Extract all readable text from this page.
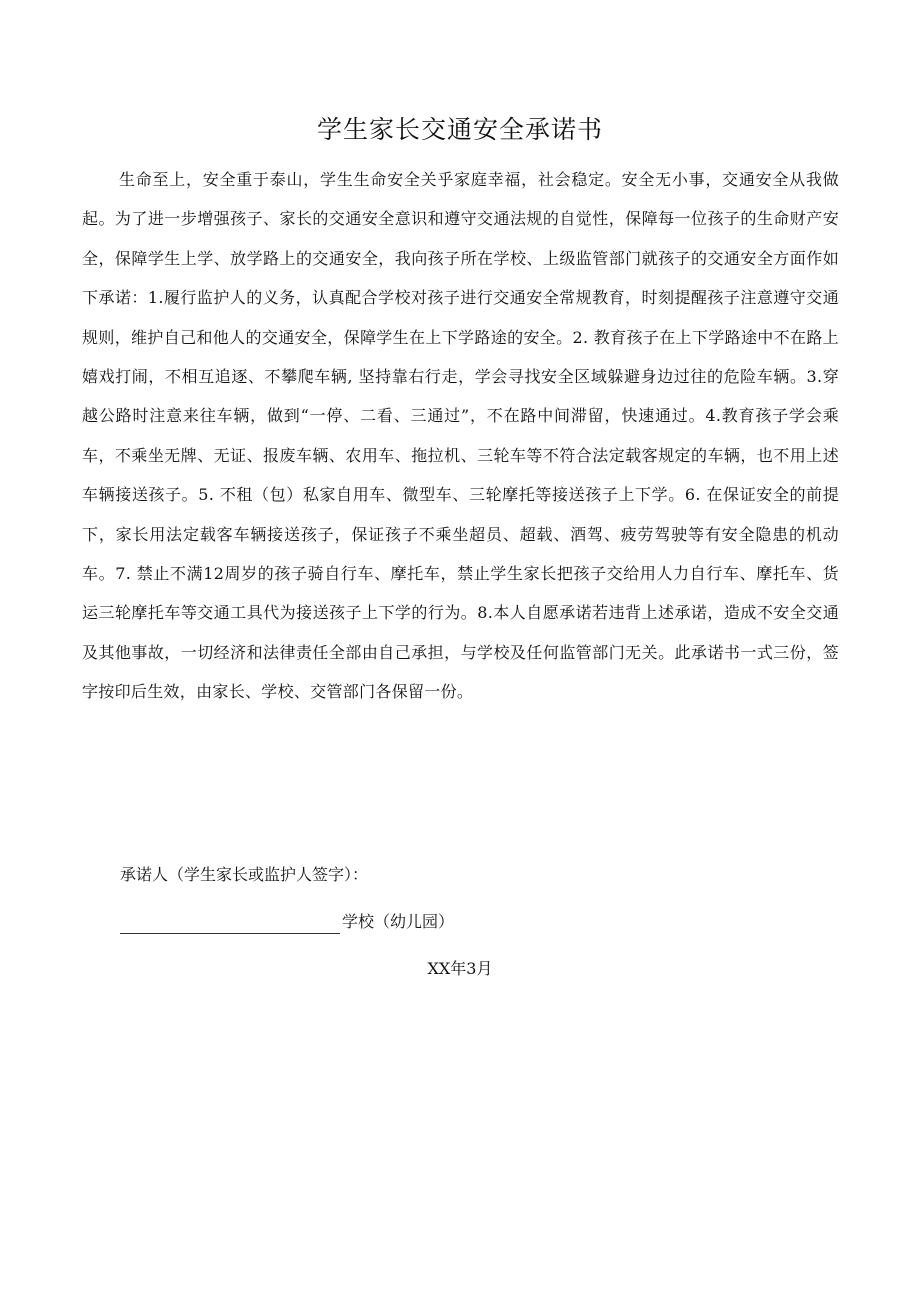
学生家长交通安全承诺书

生命至上，安全重于泰山，学生生命安全关乎家庭幸福，社会稳定。安全无小事，交通安全从我做起。为了进一步增强孩子、家长的交通安全意识和遵守交通法规的自觉性，保障每一位孩子的生命财产安全，保障学生上学、放学路上的交通安全，我向孩子所在学校、上级监管部门就孩子的交通安全方面作如下承诺：1.履行监护人的义务，认真配合学校对孩子进行交通安全常规教育，时刻提醒孩子注意遵守交通规则，维护自己和他人的交通安全，保障学生在上下学路途的安全。2. 教育孩子在上下学路途中不在路上嬉戏打闹，不相互追逐、不攀爬车辆, 坚持靠右行走，学会寻找安全区域躲避身边过往的危险车辆。3.穿越公路时注意来往车辆，做到“一停、二看、三通过”，不在路中间滞留，快速通过。4.教育孩子学会乘车，不乘坐无牌、无证、报废车辆、农用车、拖拉机、三轮车等不符合法定载客规定的车辆，也不用上述车辆接送孩子。5. 不租（包）私家自用车、微型车、三轮摩托等接送孩子上下学。6. 在保证安全的前提下，家长用法定载客车辆接送孩子，保证孩子不乘坐超员、超载、酒驾、疲劳驾驶等有安全隐患的机动车。7. 禁止不满12周岁的孩子骑自行车、摩托车，禁止学生家长把孩子交给用人力自行车、摩托车、货运三轮摩托车等交通工具代为接送孩子上下学的行为。8.本人自愿承诺若违背上述承诺，造成不安全交通及其他事故，一切经济和法律责任全部由自己承担，与学校及任何监管部门无关。此承诺书一式三份，签字按印后生效，由家长、学校、交管部门各保留一份。

承诺人（学生家长或监护人签字）：

学校（幼儿园）

XX年3月
